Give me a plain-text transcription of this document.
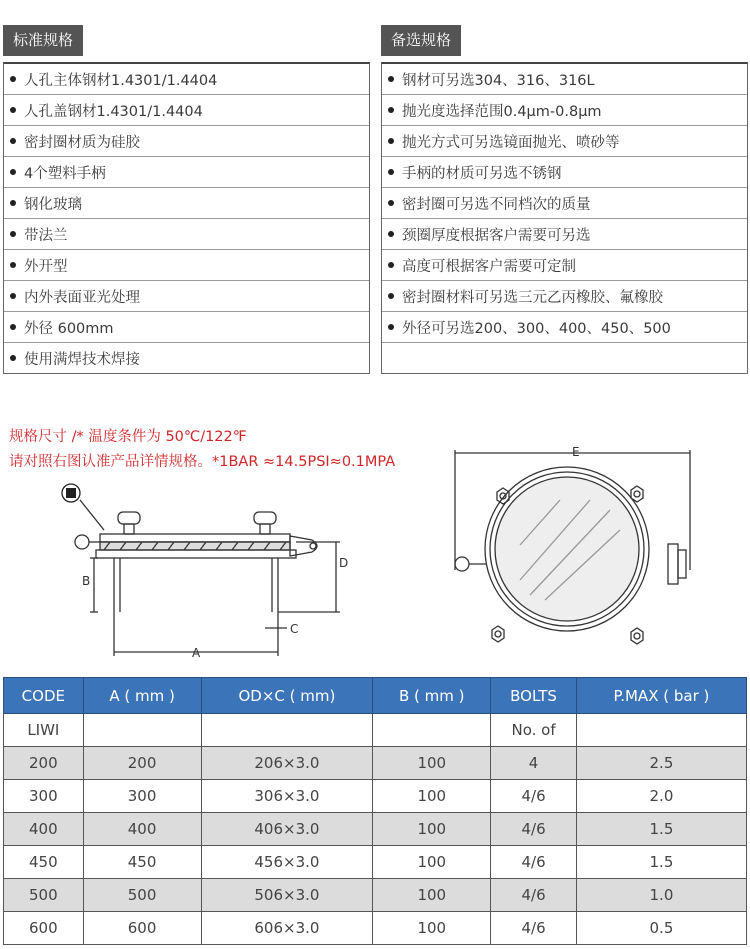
标准规格
人孔主体钢材1.4301/1.4404
人孔盖钢材1.4301/1.4404
密封圈材质为硅胶
4个塑料手柄
钢化玻璃
带法兰
外开型
内外表面亚光处理
外径 600mm
使用满焊技术焊接
备选规格
钢材可另选304、316、316L
抛光度选择范围0.4μm-0.8μm
抛光方式可另选镜面抛光、喷砂等
手柄的材质可另选不锈钢
密封圈可另选不同档次的质量
颈圈厚度根据客户需要可另选
高度可根据客户需要可定制
密封圈材料可另选三元乙丙橡胶、氟橡胶
外径可另选200、300、400、450、500
规格尺寸 /* 温度条件为 50℃/122℉
请对照右图认准产品详情规格。*1BAR ≈14.5PSI≈0.1MPA
B
D
C
A
E
CODE	A ( mm )	OD×C ( mm)	B ( mm )	BOLTS	P.MAX ( bar )
LIWI				No. of	
200	200	206×3.0	100	4	2.5
300	300	306×3.0	100	4/6	2.0
400	400	406×3.0	100	4/6	1.5
450	450	456×3.0	100	4/6	1.5
500	500	506×3.0	100	4/6	1.0
600	600	606×3.0	100	4/6	0.5
